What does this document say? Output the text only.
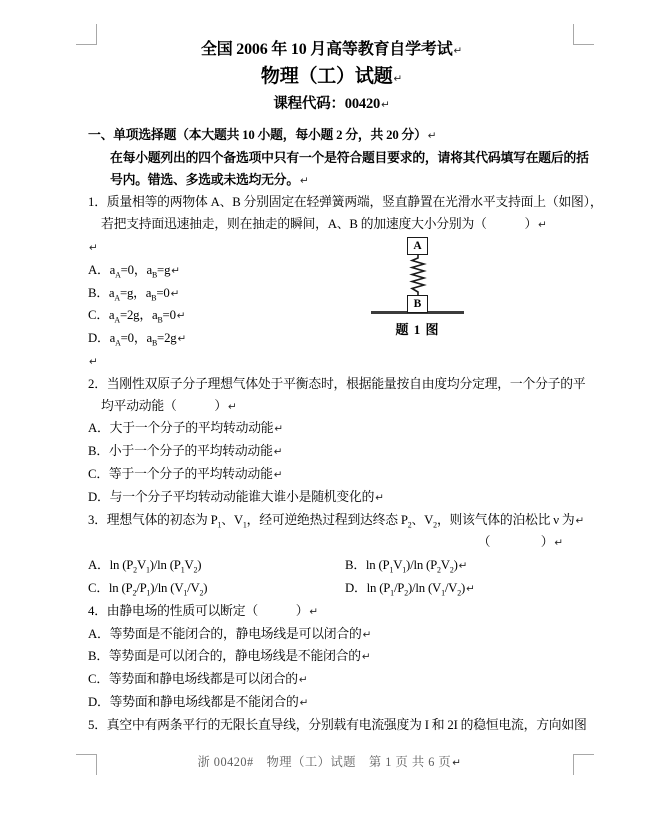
全国 2006 年 10 月高等教育自学考试↵
物理（工）试题↵
课程代码：00420↵
一、单项选择题（本大题共 10 小题，每小题 2 分，共 20 分）↵
在每小题列出的四个备选项中只有一个是符合题目要求的，请将其代码填写在题后的括
号内。错选、多选或未选均无分。↵
1．质量相等的两物体 A、B 分别固定在轻弹簧两端，竖直静置在光滑水平支持面上（如图），
若把支持面迅速抽走，则在抽走的瞬间，A、B 的加速度大小分别为（　　　）↵
↵
A．$a_A=0$，$a_B=g↵$
B．$a_A=g$，$a_B=0↵$
C．$a_A=2g$，$a_B=0↵$
D．$a_A=0$，$a_B=2g↵$
↵
2．当刚性双原子分子理想气体处于平衡态时，根据能量按自由度均分定理，一个分子的平
均平动动能（　　　）↵
A．大于一个分子的平均转动动能↵
B．小于一个分子的平均转动动能↵
C．等于一个分子的平均转动动能↵
D．与一个分子平均转动动能谁大谁小是随机变化的↵
3．理想气体的初态为 $P_1$、$V_1$，经可逆绝热过程到达终态 $P_2$、$V_2$，则该气体的泊松比 ν 为↵
（　　　　）↵
A．$\ln (P_2V_1)/\ln$ $(P_1V_2)$	B．$\ln (P_1V_1)/\ln$ $(P_2V_2)↵$
C．$\ln (P_2/P_1)/\ln$ $(V_1/V_2)$	D．$\ln (P_1/P_2)/\ln$ $(V_1/V_2)↵$
4．由静电场的性质可以断定（　　　）↵
A．等势面是不能闭合的，静电场线是可以闭合的↵
B．等势面是可以闭合的，静电场线是不能闭合的↵
C．等势面和静电场线都是可以闭合的↵
D．等势面和静电场线都是不能闭合的↵
5．真空中有两条平行的无限长直导线，分别载有电流强度为 I 和 2I 的稳恒电流，方向如图
A
B
题 1 图
浙 00420#　物理（工）试题　第 1 页 共 6 页↵
